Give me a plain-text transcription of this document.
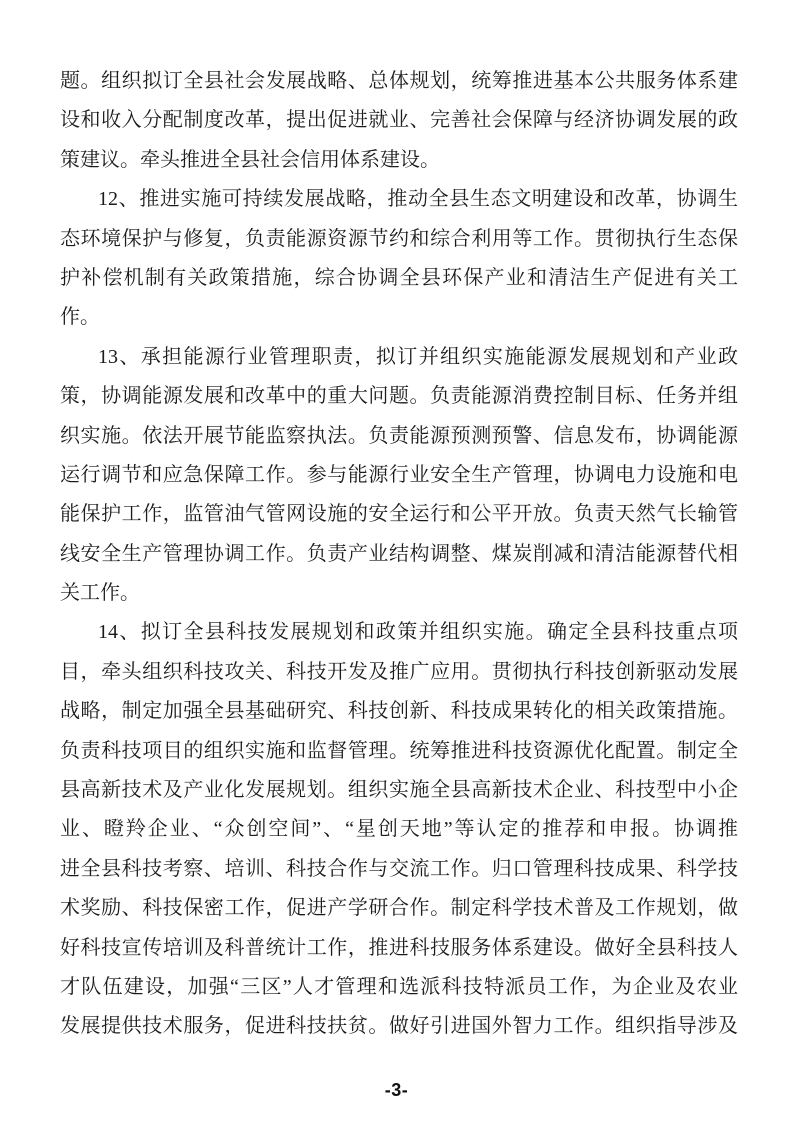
题。组织拟订全县社会发展战略、总体规划，统筹推进基本公共服务体系建
设和收入分配制度改革，提出促进就业、完善社会保障与经济协调发展的政
策建议。牵头推进全县社会信用体系建设。
12、推进实施可持续发展战略，推动全县生态文明建设和改革，协调生
态环境保护与修复，负责能源资源节约和综合利用等工作。贯彻执行生态保
护补偿机制有关政策措施，综合协调全县环保产业和清洁生产促进有关工
作。
13、承担能源行业管理职责，拟订并组织实施能源发展规划和产业政
策，协调能源发展和改革中的重大问题。负责能源消费控制目标、任务并组
织实施。依法开展节能监察执法。负责能源预测预警、信息发布，协调能源
运行调节和应急保障工作。参与能源行业安全生产管理，协调电力设施和电
能保护工作，监管油气管网设施的安全运行和公平开放。负责天然气长输管
线安全生产管理协调工作。负责产业结构调整、煤炭削减和清洁能源替代相
关工作。
14、拟订全县科技发展规划和政策并组织实施。确定全县科技重点项
目，牵头组织科技攻关、科技开发及推广应用。贯彻执行科技创新驱动发展
战略，制定加强全县基础研究、科技创新、科技成果转化的相关政策措施。
负责科技项目的组织实施和监督管理。统筹推进科技资源优化配置。制定全
县高新技术及产业化发展规划。组织实施全县高新技术企业、科技型中小企
业、瞪羚企业、“众创空间”、“星创天地”等认定的推荐和申报。协调推
进全县科技考察、培训、科技合作与交流工作。归口管理科技成果、科学技
术奖励、科技保密工作，促进产学研合作。制定科学技术普及工作规划，做
好科技宣传培训及科普统计工作，推进科技服务体系建设。做好全县科技人
才队伍建设，加强“三区”人才管理和选派科技特派员工作，为企业及农业
发展提供技术服务，促进科技扶贫。做好引进国外智力工作。组织指导涉及
-3-
